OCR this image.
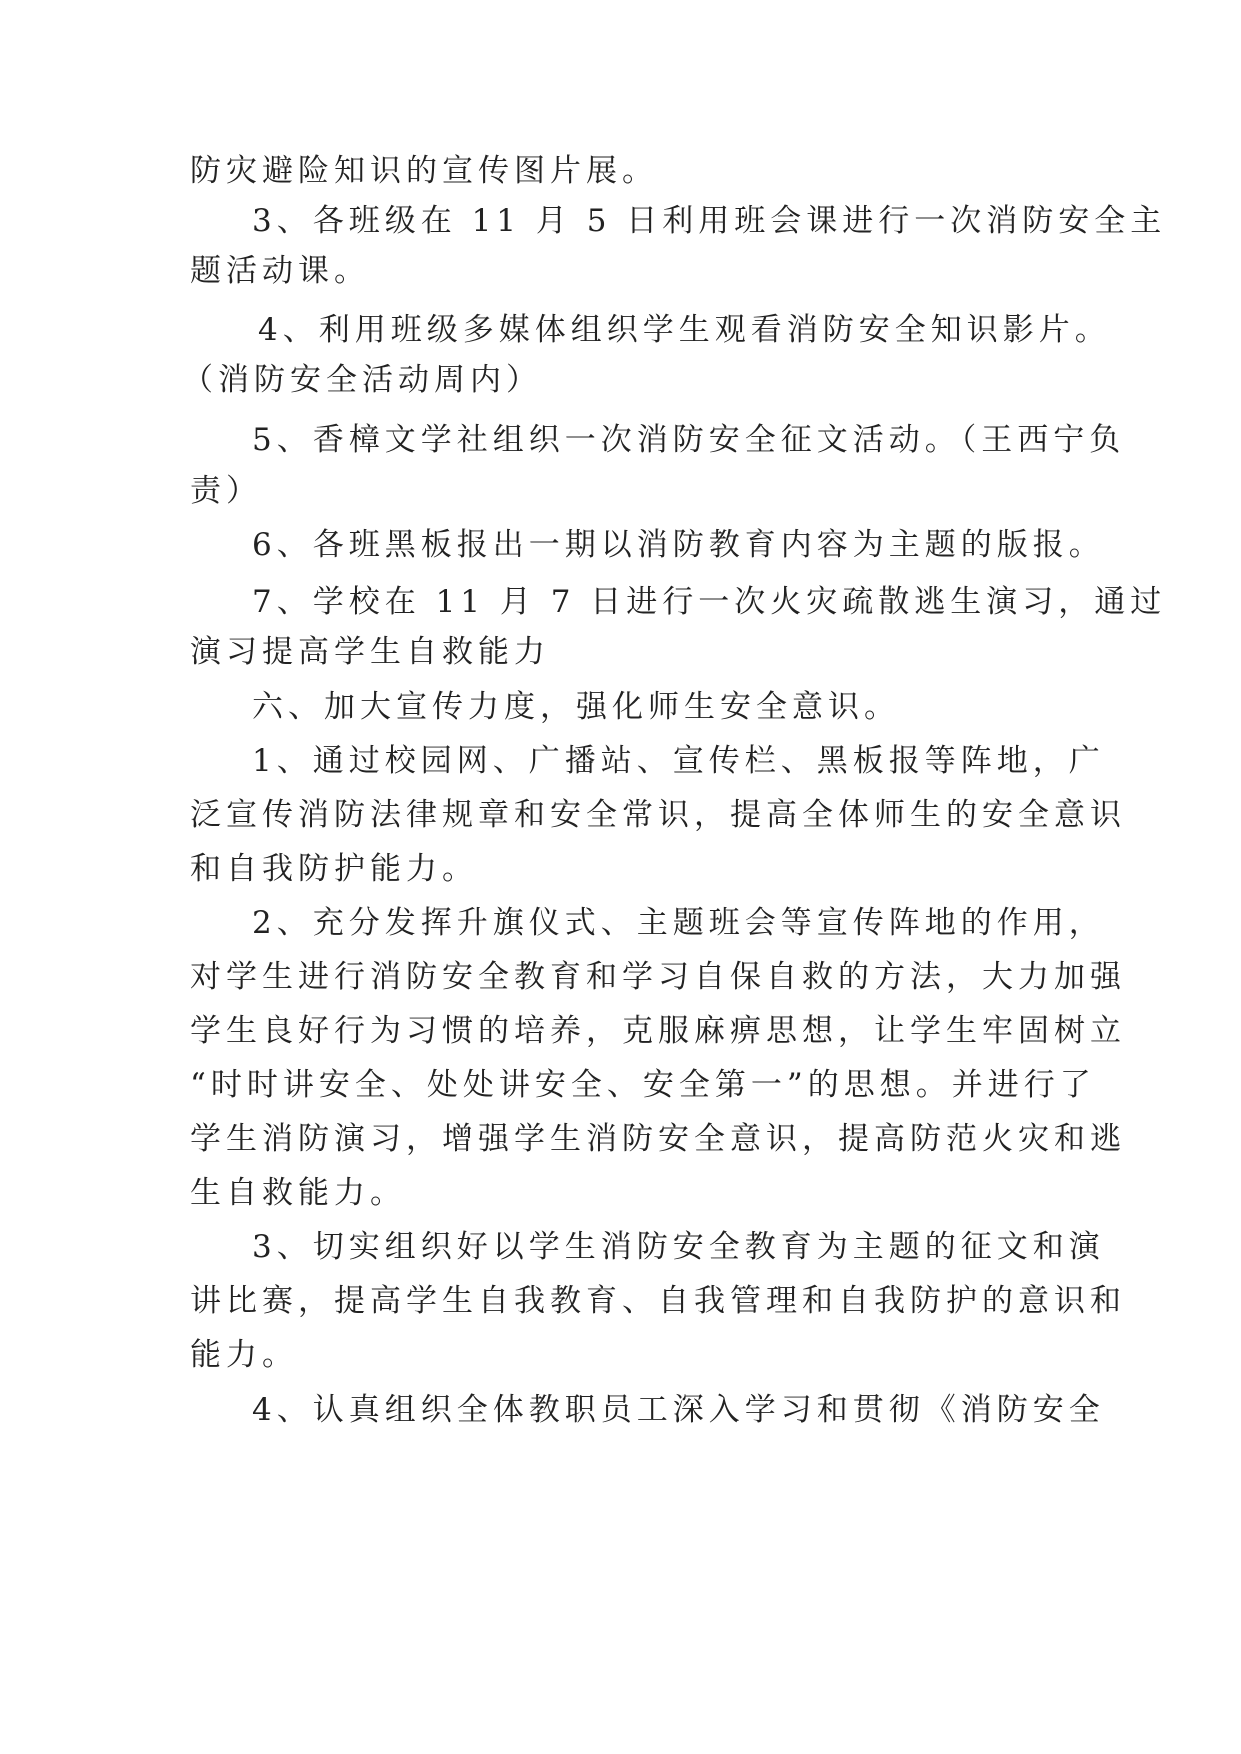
防灾避险知识的宣传图片展。
3、各班级在 11 月 5 日利用班会课进行一次消防安全主
题活动课。
4、利用班级多媒体组织学生观看消防安全知识影片。
（消防安全活动周内）
5、香樟文学社组织一次消防安全征文活动。（王西宁负
责）
6、各班黑板报出一期以消防教育内容为主题的版报。
7、学校在 11 月 7 日进行一次火灾疏散逃生演习，通过
演习提高学生自救能力
六、加大宣传力度，强化师生安全意识。
1、通过校园网、广播站、宣传栏、黑板报等阵地，广
泛宣传消防法律规章和安全常识，提高全体师生的安全意识
和自我防护能力。
2、充分发挥升旗仪式、主题班会等宣传阵地的作用，
对学生进行消防安全教育和学习自保自救的方法，大力加强
学生良好行为习惯的培养，克服麻痹思想，让学生牢固树立
“时时讲安全、处处讲安全、安全第一”的思想。并进行了
学生消防演习，增强学生消防安全意识，提高防范火灾和逃
生自救能力。
3、切实组织好以学生消防安全教育为主题的征文和演
讲比赛，提高学生自我教育、自我管理和自我防护的意识和
能力。
4、认真组织全体教职员工深入学习和贯彻《消防安全
